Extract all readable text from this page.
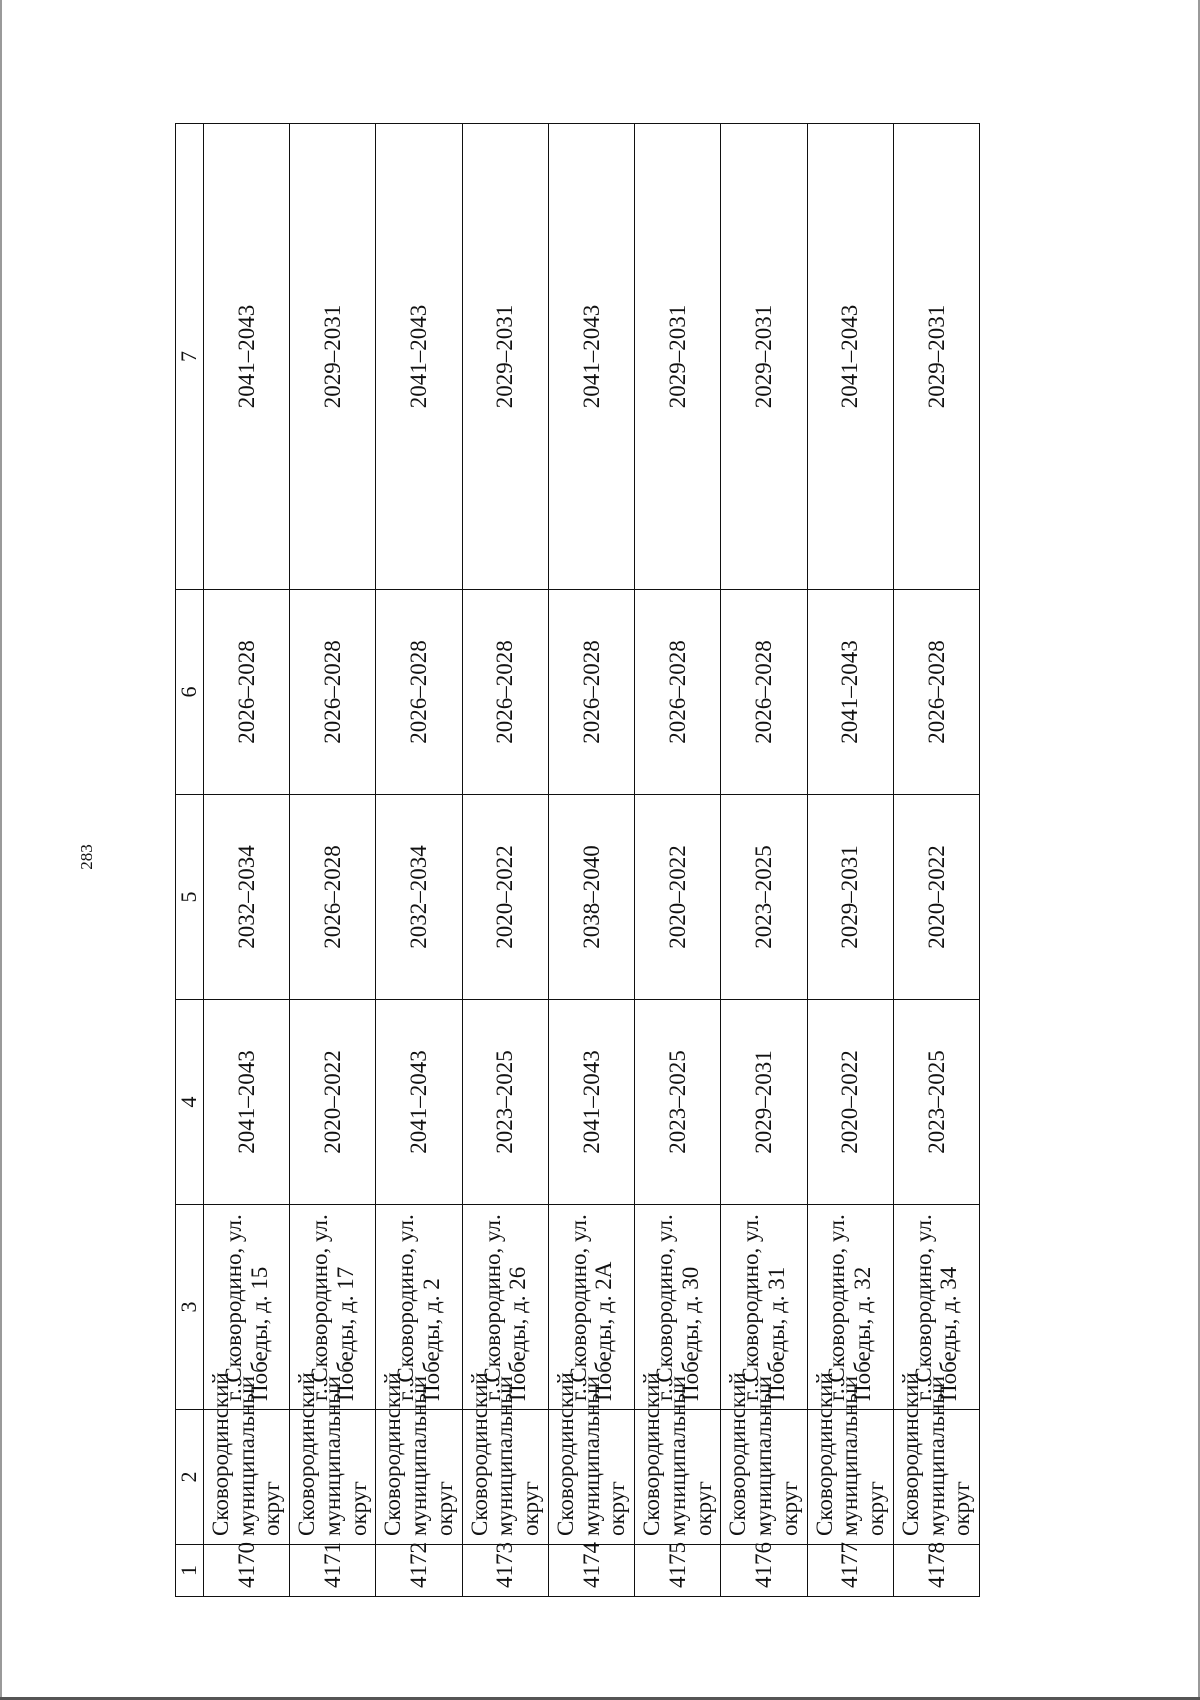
283
1	2	3	4	5	6	7
4170	Сковородинский муниципальный округ	г. Сковородино, ул. Победы, д. 15	2041–2043	2032–2034	2026–2028	2041–2043
4171	Сковородинский муниципальный округ	г. Сковородино, ул. Победы, д. 17	2020–2022	2026–2028	2026–2028	2029–2031
4172	Сковородинский муниципальный округ	г. Сковородино, ул. Победы, д. 2	2041–2043	2032–2034	2026–2028	2041–2043
4173	Сковородинский муниципальный округ	г. Сковородино, ул. Победы, д. 26	2023–2025	2020–2022	2026–2028	2029–2031
4174	Сковородинский муниципальный округ	г. Сковородино, ул. Победы, д. 2А	2041–2043	2038–2040	2026–2028	2041–2043
4175	Сковородинский муниципальный округ	г. Сковородино, ул. Победы, д. 30	2023–2025	2020–2022	2026–2028	2029–2031
4176	Сковородинский муниципальный округ	г. Сковородино, ул. Победы, д. 31	2029–2031	2023–2025	2026–2028	2029–2031
4177	Сковородинский муниципальный округ	г. Сковородино, ул. Победы, д. 32	2020–2022	2029–2031	2041–2043	2041–2043
4178	Сковородинский муниципальный округ	г. Сковородино, ул. Победы, д. 34	2023–2025	2020–2022	2026–2028	2029–2031
